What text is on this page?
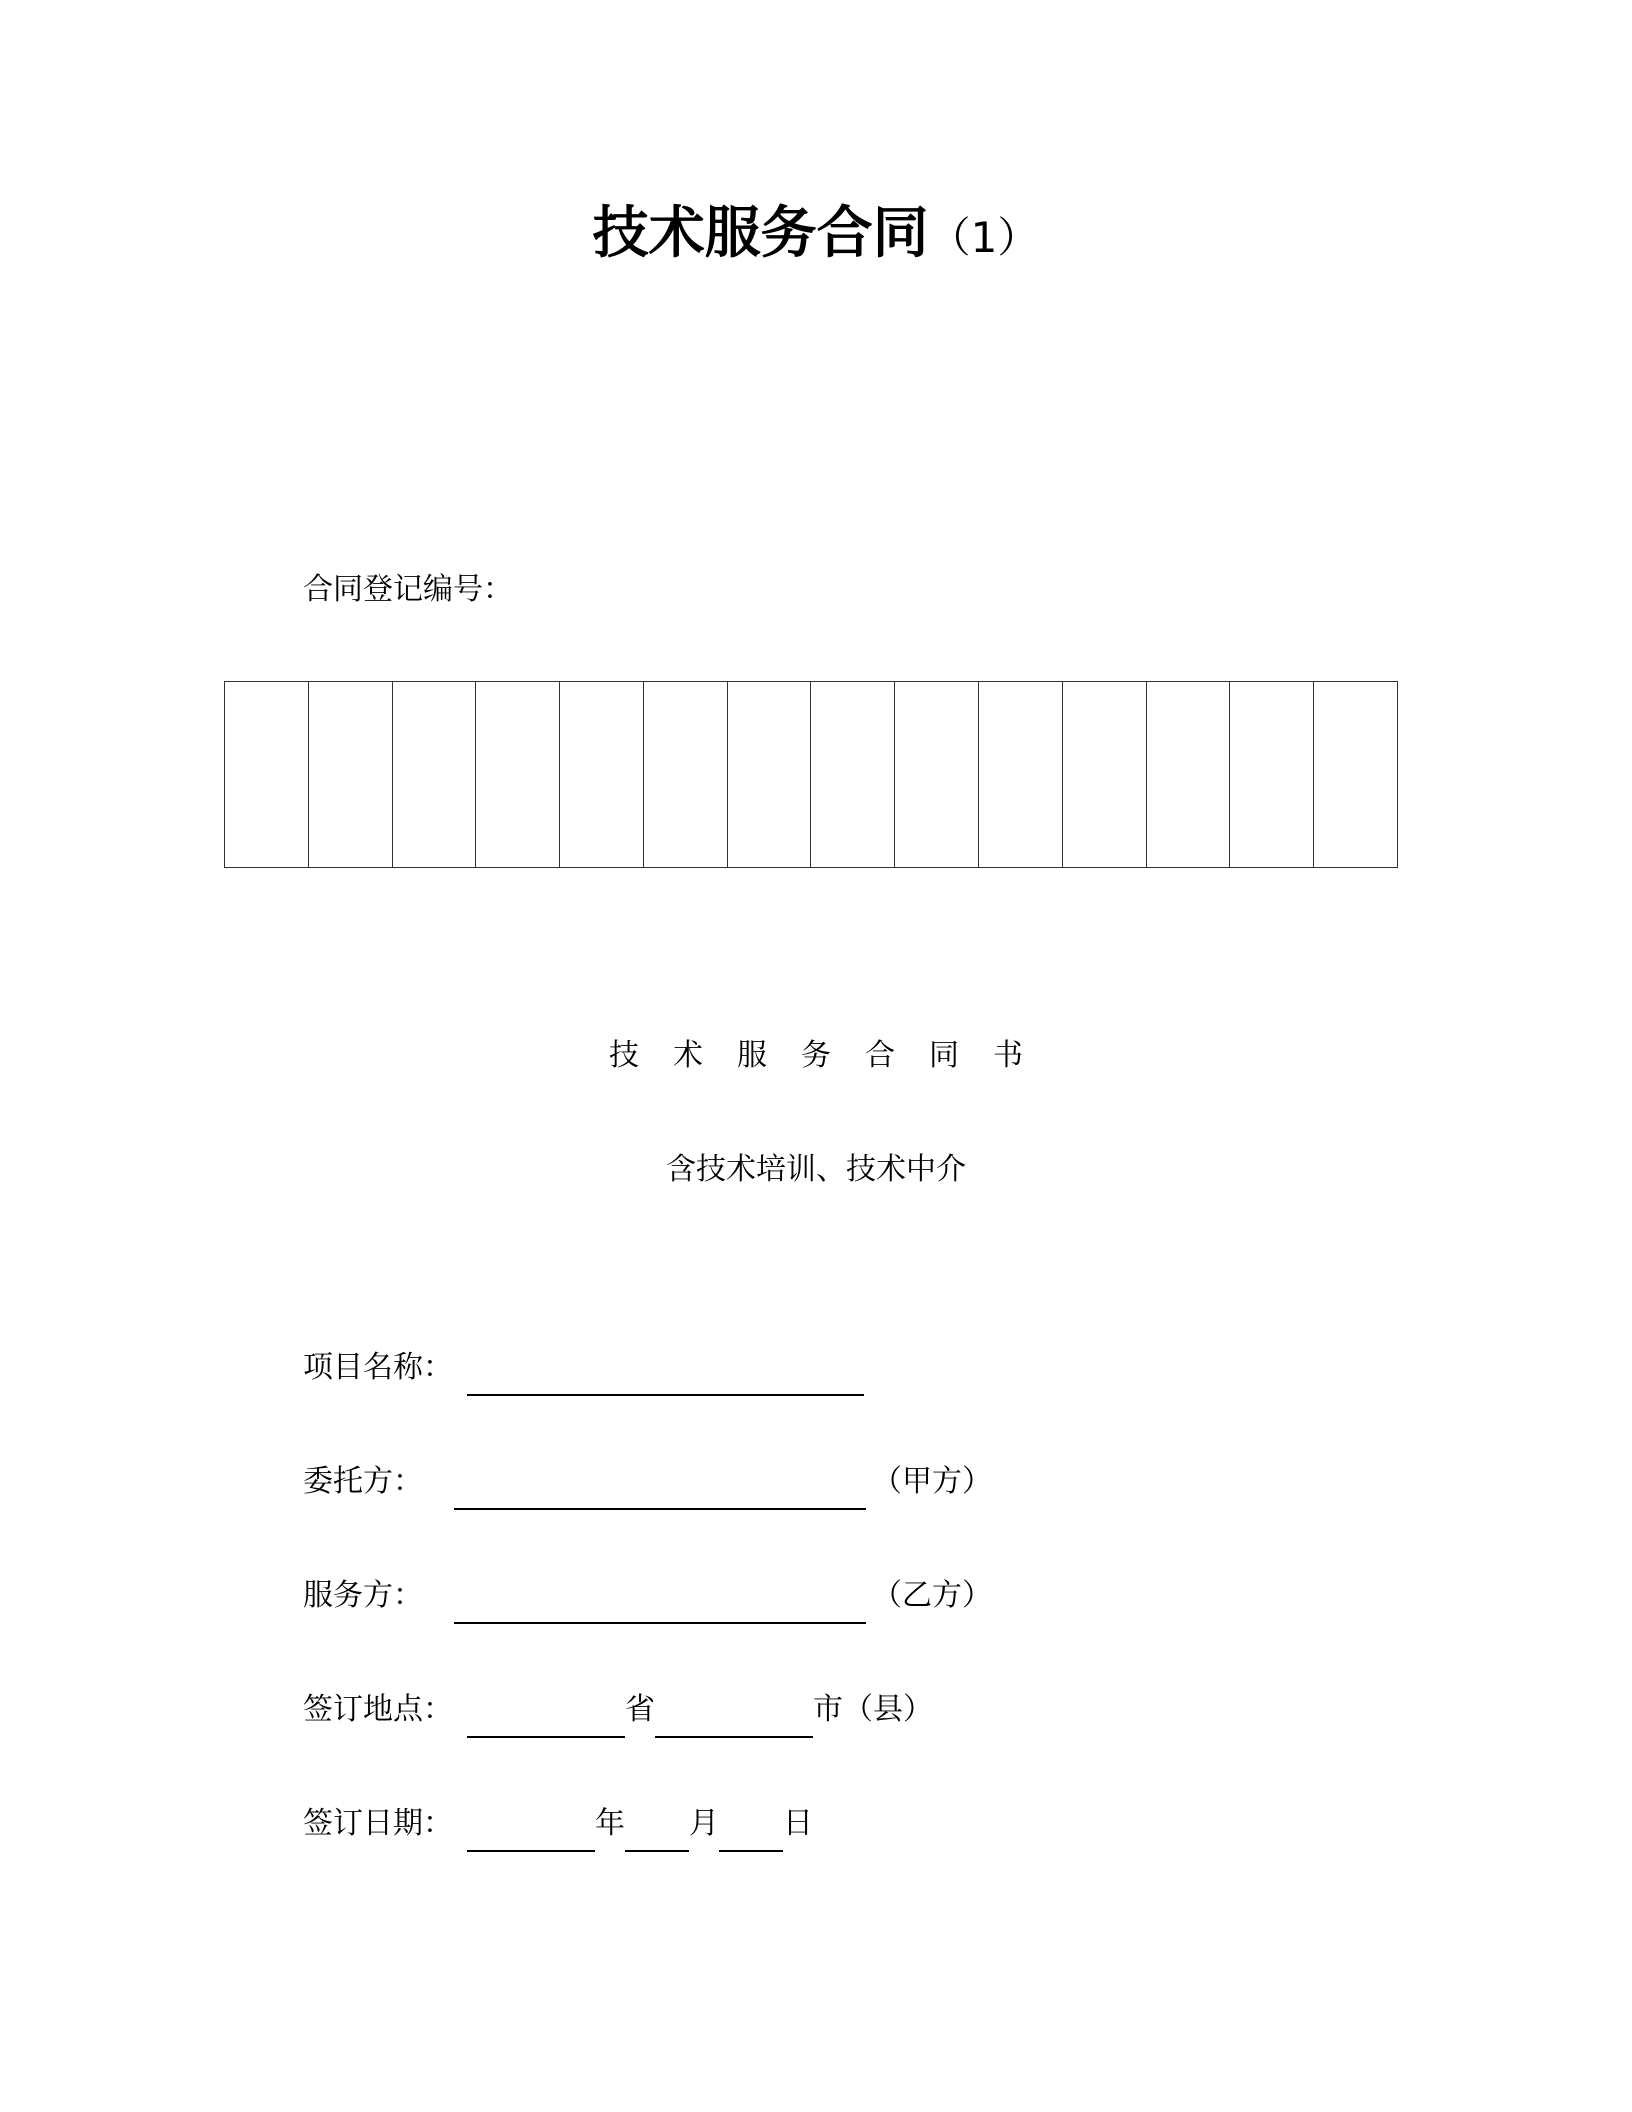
技术服务合同（1）
合同登记编号：

技术服务合同书
含技术培训、技术中介
项目名称：
委托方：	（甲方）
服务方：	（乙方）
签订地点：	省	市（县）
签订日期：	年 月 日
